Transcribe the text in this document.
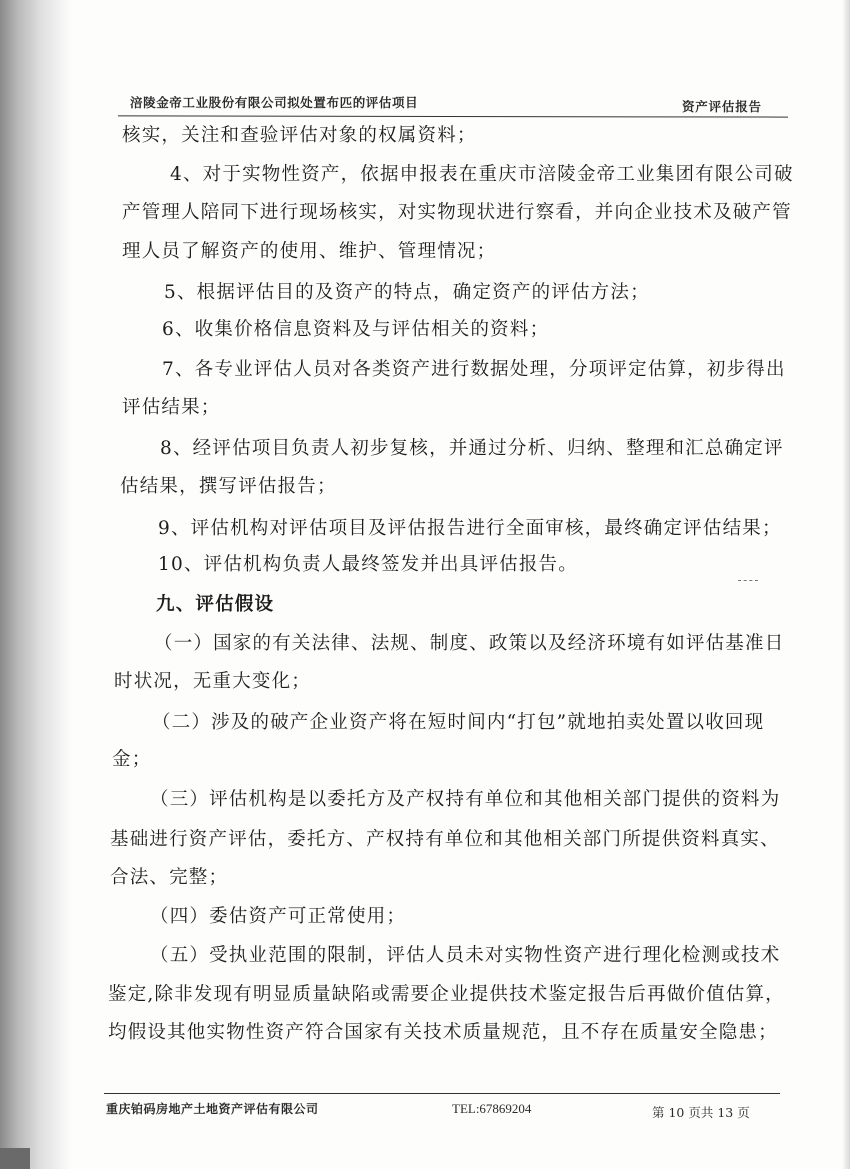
涪陵金帝工业股份有限公司拟处置布匹的评估项目	资产评估报告
核实，关注和查验评估对象的权属资料；
4、对于实物性资产，依据申报表在重庆市涪陵金帝工业集团有限公司破
产管理人陪同下进行现场核实，对实物现状进行察看，并向企业技术及破产管
理人员了解资产的使用、维护、管理情况；
5、根据评估目的及资产的特点，确定资产的评估方法；
6、收集价格信息资料及与评估相关的资料；
7、各专业评估人员对各类资产进行数据处理，分项评定估算，初步得出
评估结果；
8、经评估项目负责人初步复核，并通过分析、归纳、整理和汇总确定评
估结果，撰写评估报告；
9、评估机构对评估项目及评估报告进行全面审核，最终确定评估结果；
10、评估机构负责人最终签发并出具评估报告。
九、评估假设
（一）国家的有关法律、法规、制度、政策以及经济环境有如评估基准日
时状况，无重大变化；
（二）涉及的破产企业资产将在短时间内“打包”就地拍卖处置以收回现
金；
（三）评估机构是以委托方及产权持有单位和其他相关部门提供的资料为
基础进行资产评估，委托方、产权持有单位和其他相关部门所提供资料真实、
合法、完整；
（四）委估资产可正常使用；
（五）受执业范围的限制，评估人员未对实物性资产进行理化检测或技术
鉴定,除非发现有明显质量缺陷或需要企业提供技术鉴定报告后再做价值估算，
均假设其他实物性资产符合国家有关技术质量规范，且不存在质量安全隐患；
重庆铂码房地产土地资产评估有限公司	TEL:67869204	第 10 页共 13 页
